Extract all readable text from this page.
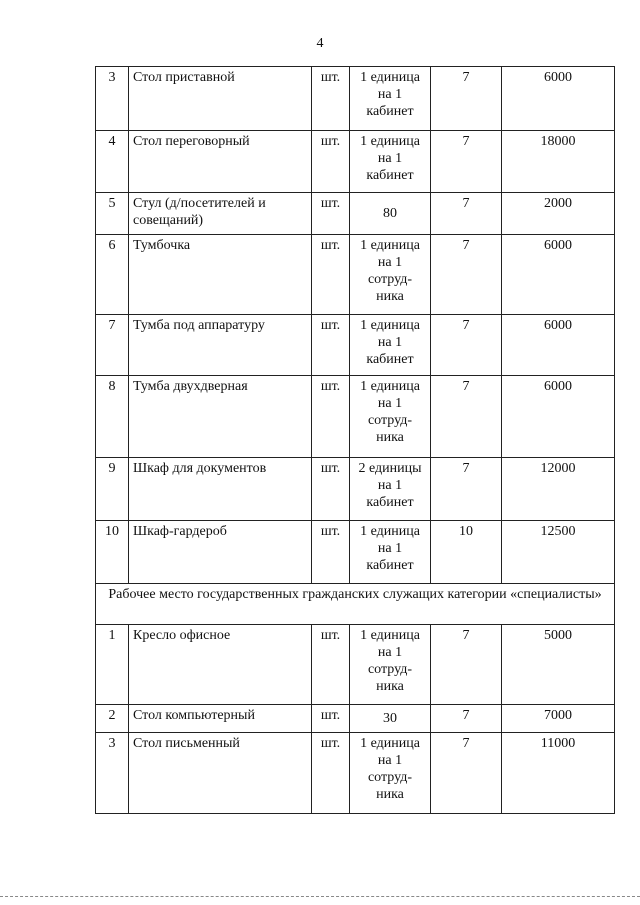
4
3	Стол приставной	шт.	1 единица
на 1
кабинет	7	6000
4	Стол переговорный	шт.	1 единица
на 1
кабинет	7	18000
5	Стул (д/посетителей и совещаний)	шт.	80	7	2000
6	Тумбочка	шт.	1 единица
на 1
сотруд-
ника	7	6000
7	Тумба под аппаратуру	шт.	1 единица
на 1
кабинет	7	6000
8	Тумба двухдверная	шт.	1 единица
на 1
сотруд-
ника	7	6000
9	Шкаф для документов	шт.	2 единицы
на 1
кабинет	7	12000
10	Шкаф-гардероб	шт.	1 единица
на 1
кабинет	10	12500
Рабочее место государственных гражданских служащих категории «специалисты»					
1	Кресло офисное	шт.	1 единица
на 1
сотруд-
ника	7	5000
2	Стол компьютерный	шт.	30	7	7000
3	Стол письменный	шт.	1 единица
на 1
сотруд-
ника	7	11000
